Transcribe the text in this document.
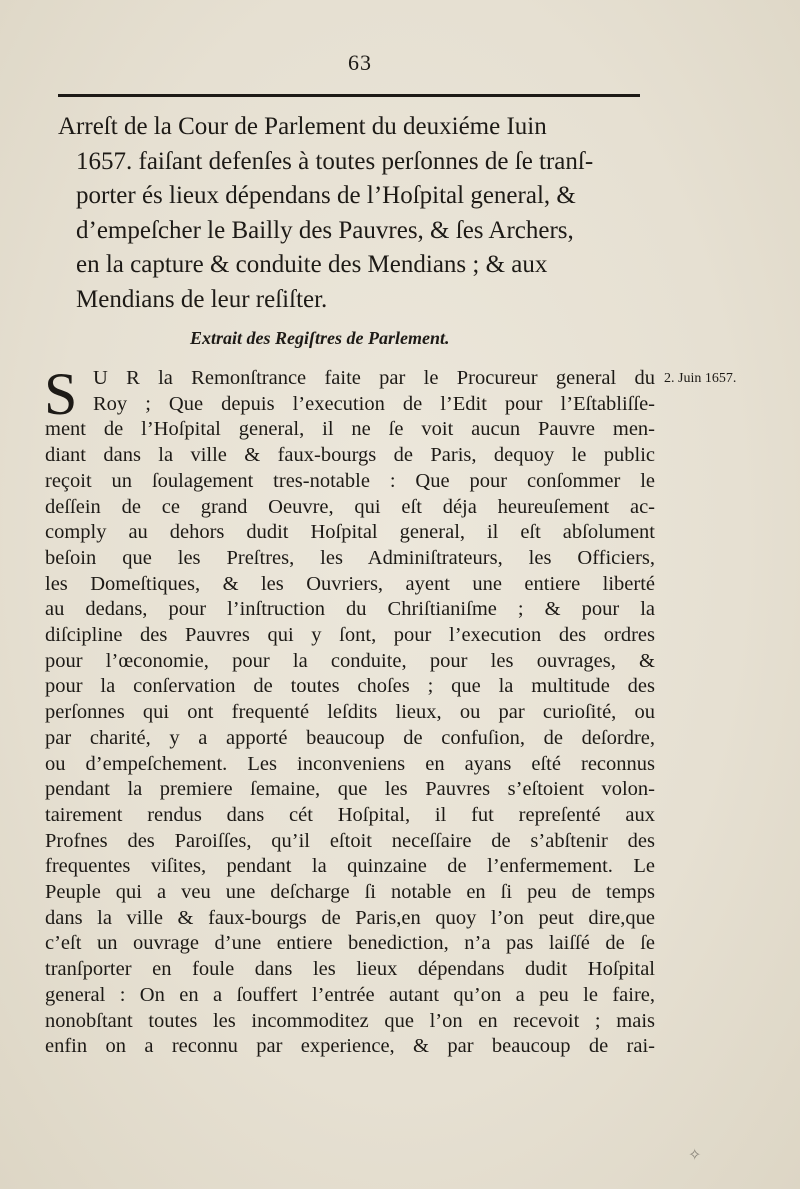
63
Arreſt de la Cour de Parlement du deuxiéme Iuin
1657. faiſant defenſes à toutes perſonnes de ſe tranſ-
porter és lieux dépendans de l’Hoſpital general, &
d’empeſcher le Bailly des Pauvres, & ſes Archers,
en la capture & conduite des Mendians ; & aux
Mendians de leur reſiſter.
Extrait des Regiſtres de Parlement.
S	2. Juin 1657.
U R la Remonſtrance faite par le Procureur general du
Roy ; Que depuis l’execution de l’Edit pour l’Eſtabliſſe-
ment de l’Hoſpital general, il ne ſe voit aucun Pauvre men-
diant dans la ville & faux-bourgs de Paris, dequoy le public
reçoit un ſoulagement tres-notable : Que pour conſommer le
deſſein de ce grand Oeuvre, qui eſt déja heureuſement ac-
comply au dehors dudit Hoſpital general, il eſt abſolument
beſoin que les Preſtres, les Adminiſtrateurs, les Officiers,
les Domeſtiques, & les Ouvriers, ayent une entiere liberté
au dedans, pour l’inſtruction du Chriſtianiſme ; & pour la
diſcipline des Pauvres qui y ſont, pour l’execution des ordres
pour l’œconomie, pour la conduite, pour les ouvrages, &
pour la conſervation de toutes choſes ; que la multitude des
perſonnes qui ont frequenté leſdits lieux, ou par curioſité, ou
par charité, y a apporté beaucoup de confuſion, de deſordre,
ou d’empeſchement. Les inconveniens en ayans eſté reconnus
pendant la premiere ſemaine, que les Pauvres s’eſtoient volon-
tairement rendus dans cét Hoſpital, il fut repreſenté aux
Profnes des Paroiſſes, qu’il eſtoit neceſſaire de s’abſtenir des
frequentes viſites, pendant la quinzaine de l’enfermement. Le
Peuple qui a veu une deſcharge ſi notable en ſi peu de temps
dans la ville & faux-bourgs de Paris,en quoy l’on peut dire,que
c’eſt un ouvrage d’une entiere benediction, n’a pas laiſſé de ſe
tranſporter en foule dans les lieux dépendans dudit Hoſpital
general : On en a ſouffert l’entrée autant qu’on a peu le faire,
nonobſtant toutes les incommoditez que l’on en recevoit ; mais
enfin on a reconnu par experience, & par beaucoup de rai-
✧
